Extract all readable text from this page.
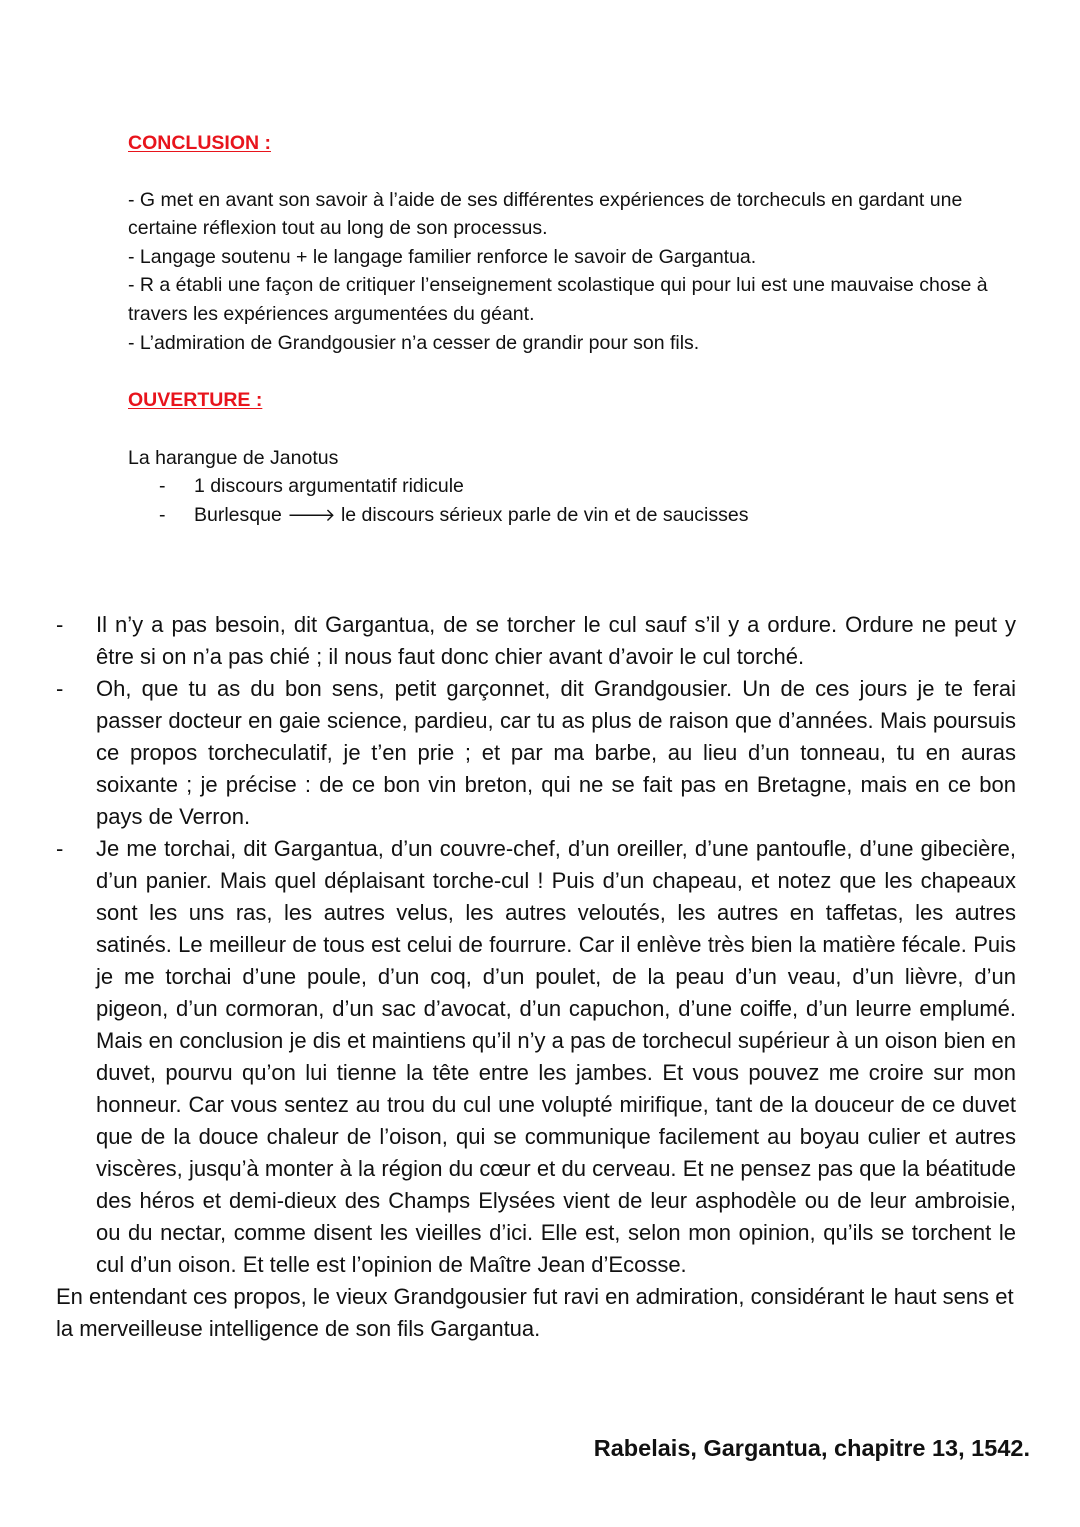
CONCLUSION :
- G met en avant son savoir à l’aide de ses différentes expériences de torcheculs en gardant une certaine réflexion tout au long de son processus.
- Langage soutenu + le langage familier renforce le savoir de Gargantua.
- R a établi une façon de critiquer l’enseignement scolastique qui pour lui est une mauvaise chose à travers les expériences argumentées du géant.
- L’admiration de Grandgousier n’a cesser de grandir pour son fils.
OUVERTURE :
La harangue de Janotus
- 1 discours argumentatif ridicule
- Burlesque 🡒 le discours sérieux parle de vin et de saucisses
- Il n’y a pas besoin, dit Gargantua, de se torcher le cul sauf s’il y a ordure. Ordure ne peut y être si on n’a pas chié ; il nous faut donc chier avant d’avoir le cul torché.
- Oh, que tu as du bon sens, petit garçonnet, dit Grandgousier. Un de ces jours je te ferai passer docteur en gaie science, pardieu, car tu as plus de raison que d’années. Mais poursuis ce propos torcheculatif, je t’en prie ; et par ma barbe, au lieu d’un tonneau, tu en auras soixante ; je précise : de ce bon vin breton, qui ne se fait pas en Bretagne, mais en ce bon pays de Verron.
- Je me torchai, dit Gargantua, d’un couvre-chef, d’un oreiller, d’une pantoufle, d’une gibecière, d’un panier. Mais quel déplaisant torche-cul ! Puis d’un chapeau, et notez que les chapeaux sont les uns ras, les autres velus, les autres veloutés, les autres en taffetas, les autres satinés. Le meilleur de tous est celui de fourrure. Car il enlève très bien la matière fécale. Puis je me torchai d’une poule, d’un coq, d’un poulet, de la peau d’un veau, d’un lièvre, d’un pigeon, d’un cormoran, d’un sac d’avocat, d’un capuchon, d’une coiffe, d’un leurre emplumé. Mais en conclusion je dis et maintiens qu’il n’y a pas de torchecul supérieur à un oison bien en duvet, pourvu qu’on lui tienne la tête entre les jambes. Et vous pouvez me croire sur mon honneur. Car vous sentez au trou du cul une volupté mirifique, tant de la douceur de ce duvet que de la douce chaleur de l’oison, qui se communique facilement au boyau culier et autres viscères, jusqu’à monter à la région du cœur et du cerveau. Et ne pensez pas que la béatitude des héros et demi-dieux des Champs Elysées vient de leur asphodèle ou de leur ambroisie, ou du nectar, comme disent les vieilles d’ici. Elle est, selon mon opinion, qu’ils se torchent le cul d’un oison. Et telle est l’opinion de Maître Jean d’Ecosse.

En entendant ces propos, le vieux Grandgousier fut ravi en admiration, considérant le haut sens et la merveilleuse intelligence de son fils Gargantua.

Rabelais, Gargantua, chapitre 13, 1542.
